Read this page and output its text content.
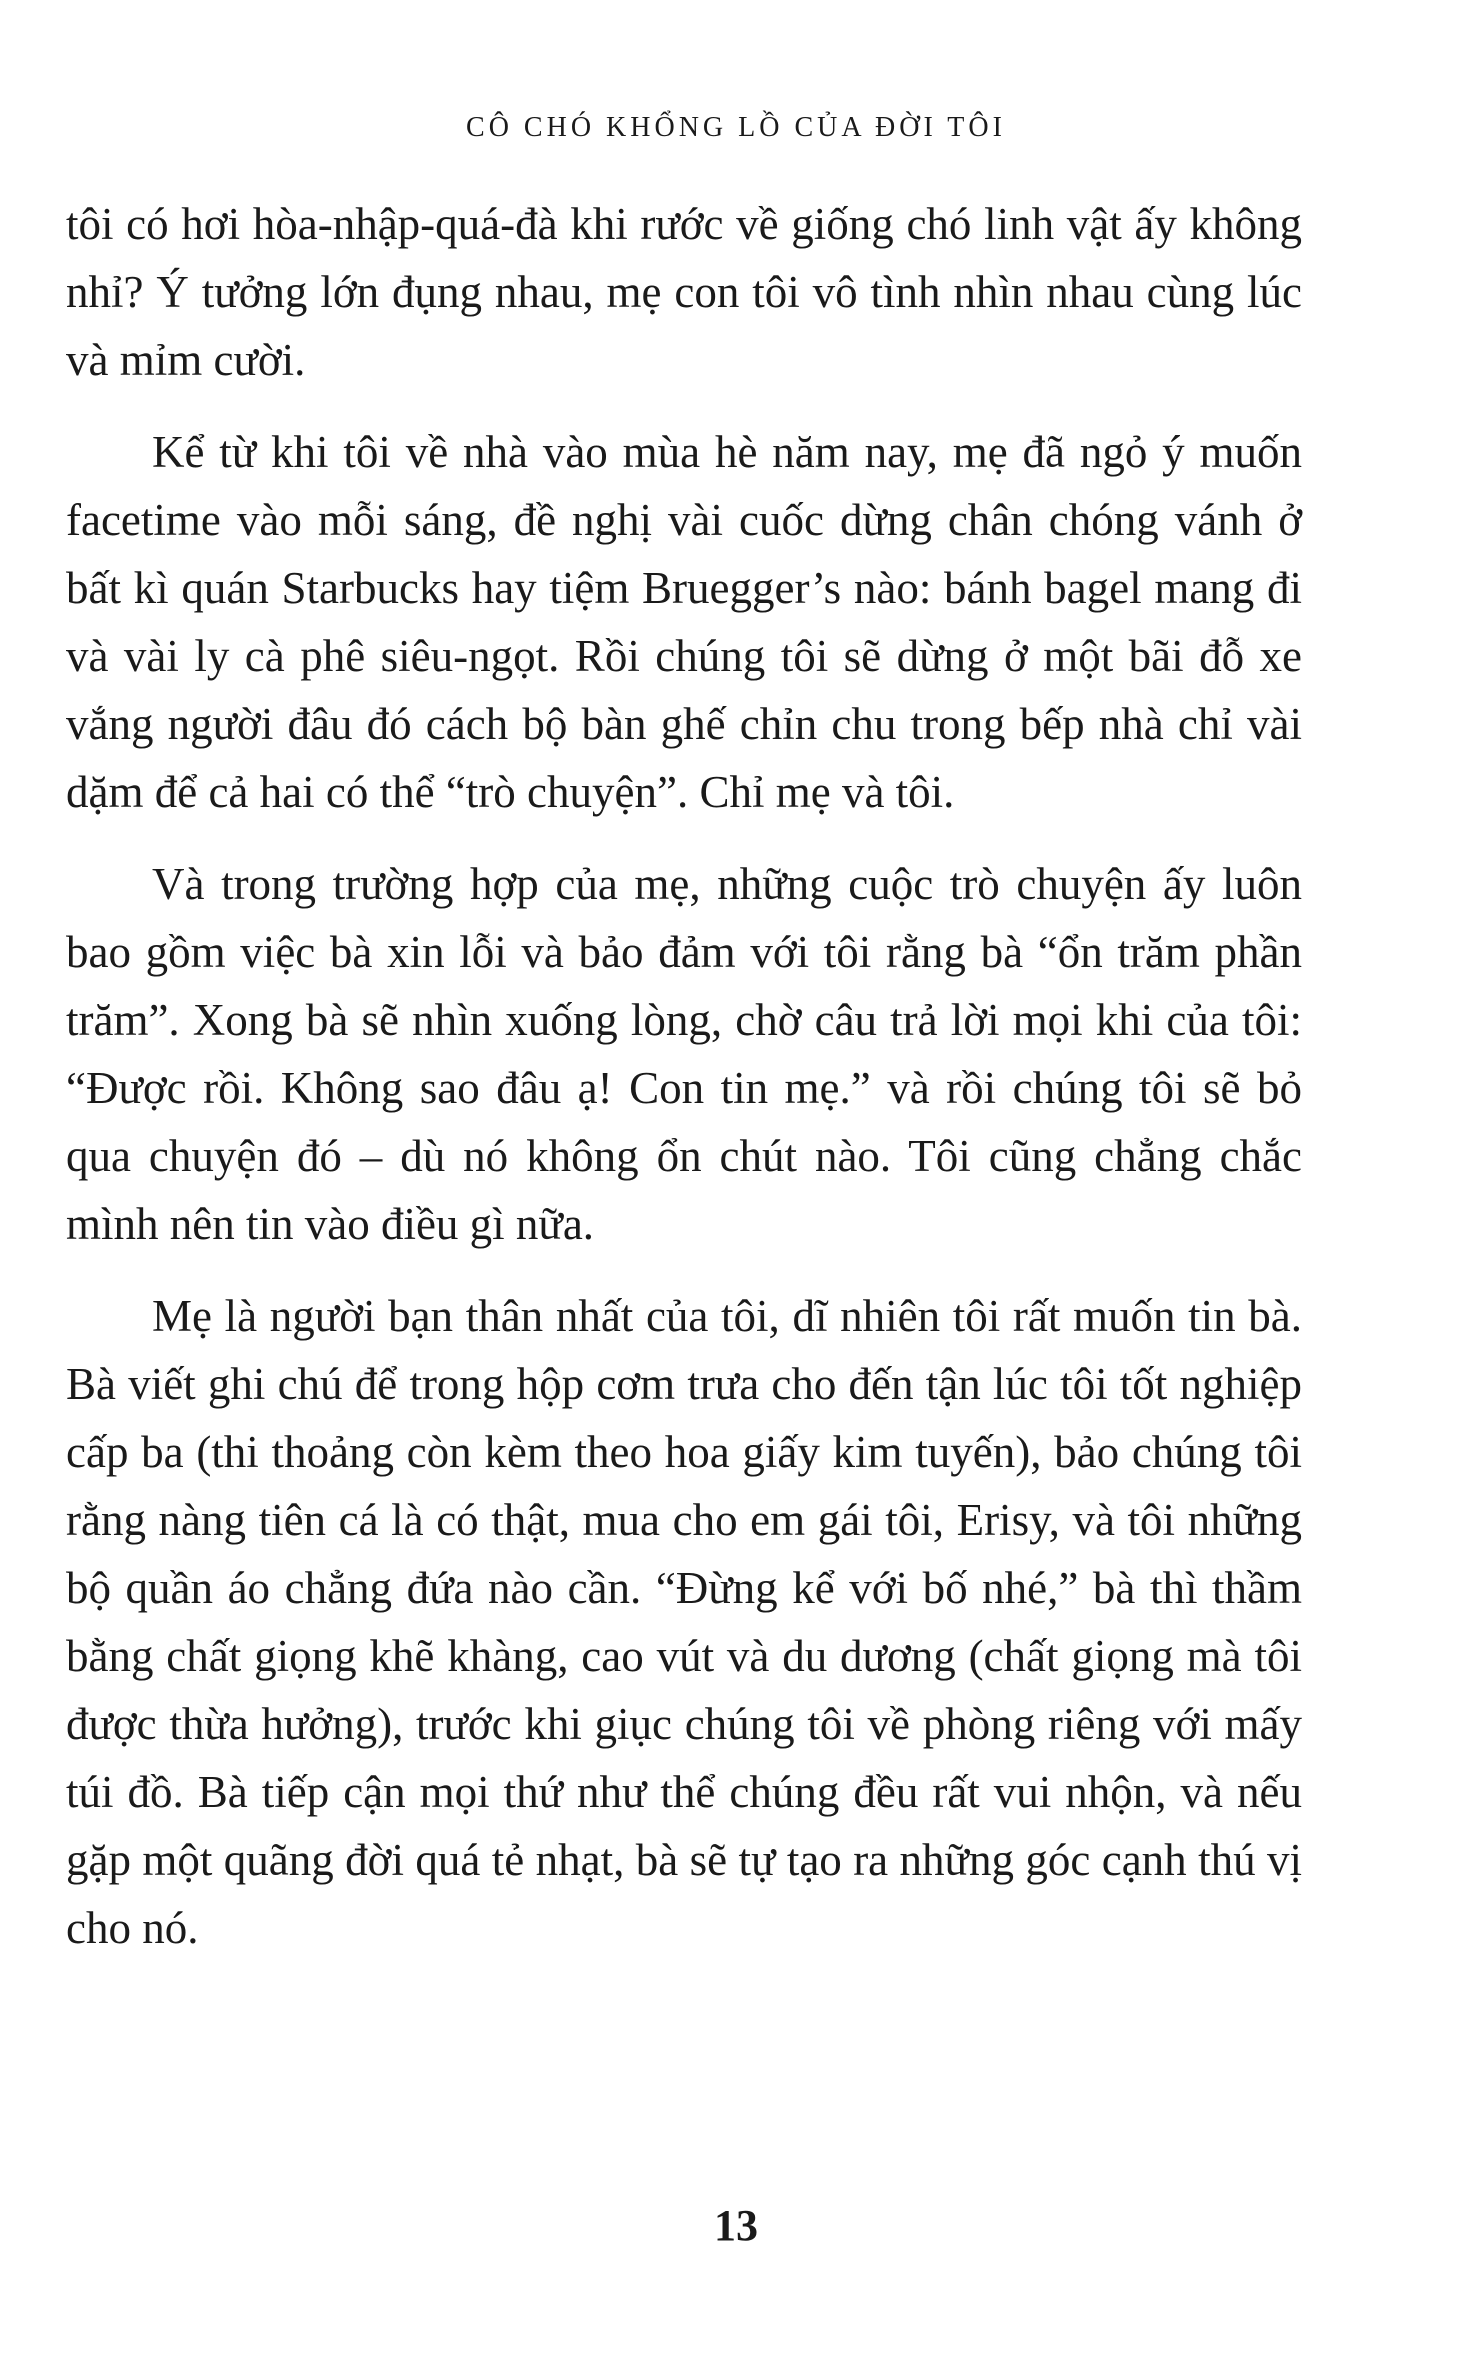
CÔ CHÓ KHỔNG LỒ CỦA ĐỜI TÔI

tôi có hơi hòa-nhập-quá-đà khi rước về giống chó linh vật ấy không nhỉ? Ý tưởng lớn đụng nhau, mẹ con tôi vô tình nhìn nhau cùng lúc và mỉm cười.

Kể từ khi tôi về nhà vào mùa hè năm nay, mẹ đã ngỏ ý muốn facetime vào mỗi sáng, đề nghị vài cuốc dừng chân chóng vánh ở bất kì quán Starbucks hay tiệm Bruegger’s nào: bánh bagel mang đi và vài ly cà phê siêu-ngọt. Rồi chúng tôi sẽ dừng ở một bãi đỗ xe vắng người đâu đó cách bộ bàn ghế chỉn chu trong bếp nhà chỉ vài dặm để cả hai có thể “trò chuyện”. Chỉ mẹ và tôi.

Và trong trường hợp của mẹ, những cuộc trò chuyện ấy luôn bao gồm việc bà xin lỗi và bảo đảm với tôi rằng bà “ổn trăm phần trăm”. Xong bà sẽ nhìn xuống lòng, chờ câu trả lời mọi khi của tôi: “Được rồi. Không sao đâu ạ! Con tin mẹ.” và rồi chúng tôi sẽ bỏ qua chuyện đó – dù nó không ổn chút nào. Tôi cũng chẳng chắc mình nên tin vào điều gì nữa.

Mẹ là người bạn thân nhất của tôi, dĩ nhiên tôi rất muốn tin bà. Bà viết ghi chú để trong hộp cơm trưa cho đến tận lúc tôi tốt nghiệp cấp ba (thi thoảng còn kèm theo hoa giấy kim tuyến), bảo chúng tôi rằng nàng tiên cá là có thật, mua cho em gái tôi, Erisy, và tôi những bộ quần áo chẳng đứa nào cần. “Đừng kể với bố nhé,” bà thì thầm bằng chất giọng khẽ khàng, cao vút và du dương (chất giọng mà tôi được thừa hưởng), trước khi giục chúng tôi về phòng riêng với mấy túi đồ. Bà tiếp cận mọi thứ như thể chúng đều rất vui nhộn, và nếu gặp một quãng đời quá tẻ nhạt, bà sẽ tự tạo ra những góc cạnh thú vị cho nó.

13
